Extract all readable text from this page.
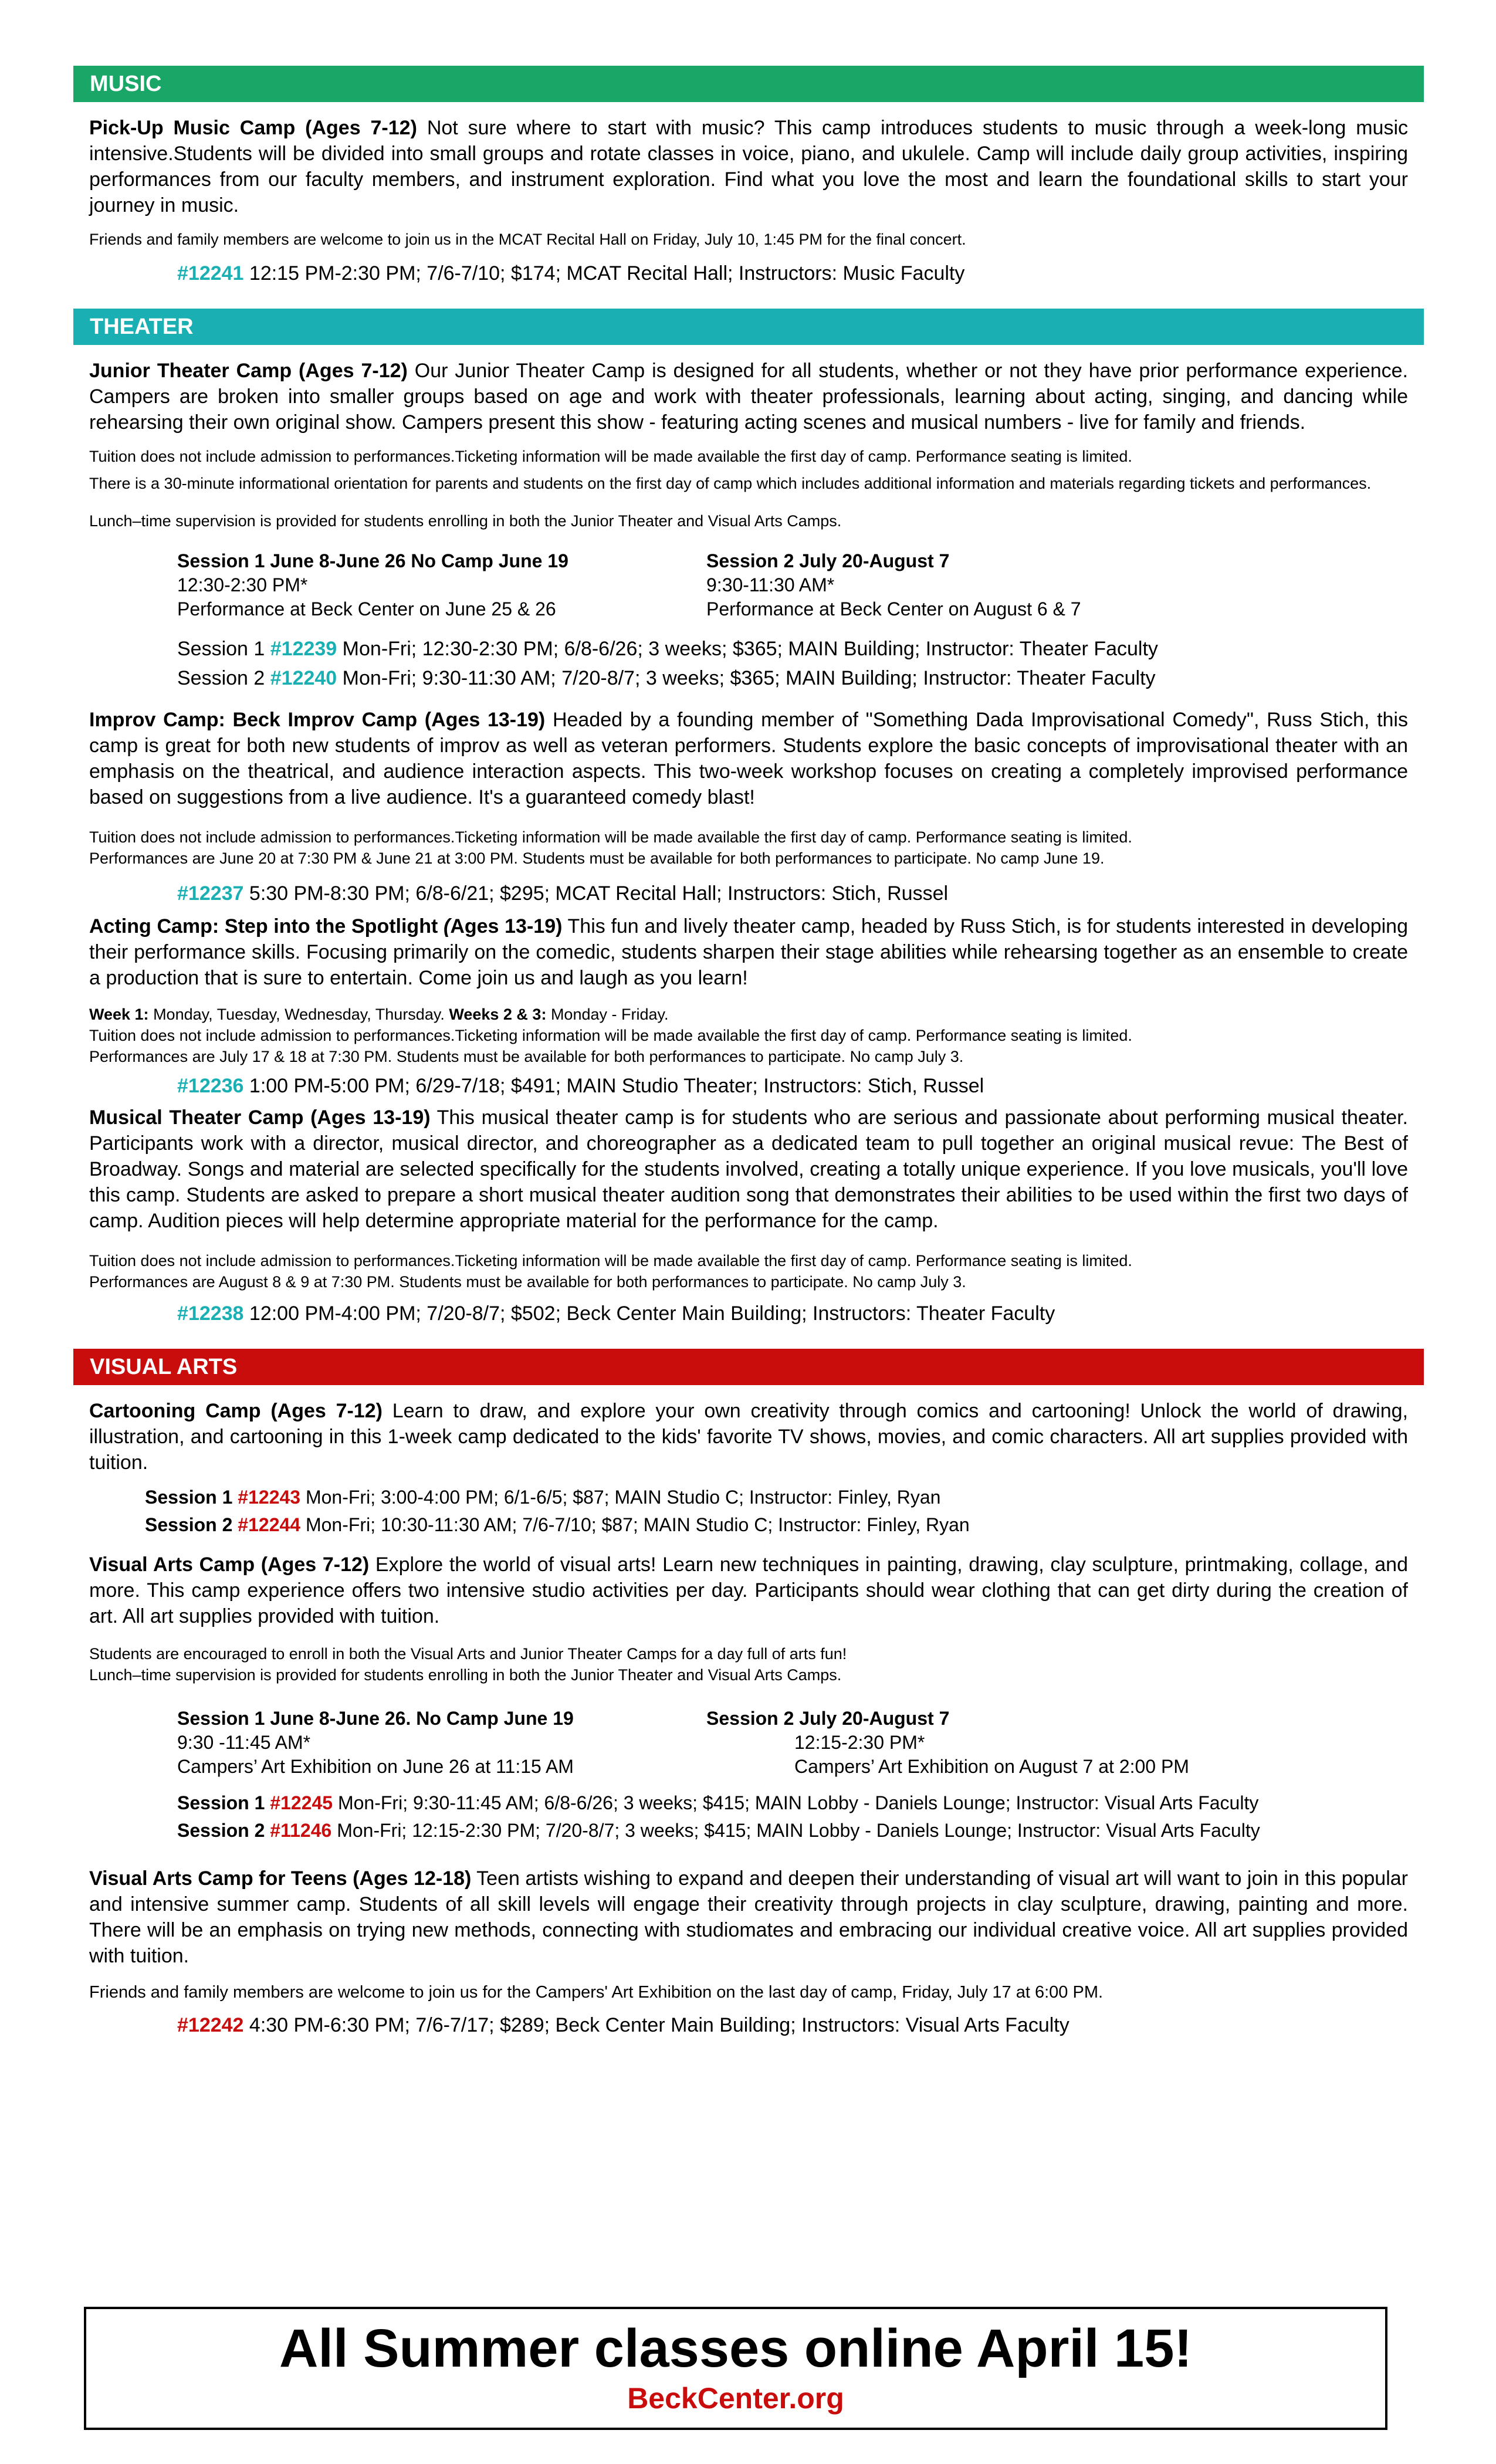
MUSIC

Pick-Up Music Camp (Ages 7-12) Not sure where to start with music? This camp introduces students to music through a week-long music intensive.Students will be divided into small groups and rotate classes in voice, piano, and ukulele. Camp will include daily group activities, inspiring performances from our faculty members, and instrument exploration. Find what you love the most and learn the foundational skills to start your journey in music.

Friends and family members are welcome to join us in the MCAT Recital Hall on Friday, July 10, 1:45 PM for the final concert.

#12241 12:15 PM-2:30 PM; 7/6-7/10; $174; MCAT Recital Hall; Instructors: Music Faculty

THEATER

Junior Theater Camp (Ages 7-12) Our Junior Theater Camp is designed for all students, whether or not they have prior performance experience. Campers are broken into smaller groups based on age and work with theater professionals, learning about acting, singing, and dancing while rehearsing their own original show. Campers present this show - featuring acting scenes and musical numbers - live for family and friends.

Tuition does not include admission to performances.Ticketing information will be made available the first day of camp. Performance seating is limited.

There is a 30-minute informational orientation for parents and students on the first day of camp which includes additional information and materials regarding tickets and performances.

Lunch–time supervision is provided for students enrolling in both the Junior Theater and Visual Arts Camps.

Session 1 June 8-June 26 No Camp June 19
12:30-2:30 PM*
Performance at Beck Center on June 25 & 26
Session 2 July 20-August 7
9:30-11:30 AM*
Performance at Beck Center on August 6 & 7
Session 1 #12239 Mon-Fri; 12:30-2:30 PM; 6/8-6/26; 3 weeks; $365; MAIN Building; Instructor: Theater Faculty
Session 2 #12240 Mon-Fri; 9:30-11:30 AM; 7/20-8/7; 3 weeks; $365; MAIN Building; Instructor: Theater Faculty

Improv Camp: Beck Improv Camp (Ages 13-19) Headed by a founding member of "Something Dada Improvisational Comedy", Russ Stich, this camp is great for both new students of improv as well as veteran performers. Students explore the basic concepts of improvisational theater with an emphasis on the theatrical, and audience interaction aspects. This two-week workshop focuses on creating a completely improvised performance based on suggestions from a live audience. It's a guaranteed comedy blast!

Tuition does not include admission to performances.Ticketing information will be made available the first day of camp. Performance seating is limited.

Performances are June 20 at 7:30 PM & June 21 at 3:00 PM. Students must be available for both performances to participate. No camp June 19.

#12237 5:30 PM-8:30 PM; 6/8-6/21; $295; MCAT Recital Hall; Instructors: Stich, Russel

Acting Camp: Step into the Spotlight (Ages 13-19) This fun and lively theater camp, headed by Russ Stich, is for students interested in developing their performance skills. Focusing primarily on the comedic, students sharpen their stage abilities while rehearsing together as an ensemble to create a production that is sure to entertain. Come join us and laugh as you learn!

Week 1: Monday, Tuesday, Wednesday, Thursday. Weeks 2 & 3: Monday - Friday.

Tuition does not include admission to performances.Ticketing information will be made available the first day of camp. Performance seating is limited.

Performances are July 17 & 18 at 7:30 PM. Students must be available for both performances to participate. No camp July 3.

#12236 1:00 PM-5:00 PM; 6/29-7/18; $491; MAIN Studio Theater; Instructors: Stich, Russel

Musical Theater Camp (Ages 13-19) This musical theater camp is for students who are serious and passionate about performing musical theater. Participants work with a director, musical director, and choreographer as a dedicated team to pull together an original musical revue: The Best of Broadway. Songs and material are selected specifically for the students involved, creating a totally unique experience. If you love musicals, you'll love this camp. Students are asked to prepare a short musical theater audition song that demonstrates their abilities to be used within the first two days of camp. Audition pieces will help determine appropriate material for the performance for the camp.

Tuition does not include admission to performances.Ticketing information will be made available the first day of camp. Performance seating is limited.

Performances are August 8 & 9 at 7:30 PM. Students must be available for both performances to participate. No camp July 3.

#12238 12:00 PM-4:00 PM; 7/20-8/7; $502; Beck Center Main Building; Instructors: Theater Faculty

VISUAL ARTS

Cartooning Camp (Ages 7-12) Learn to draw, and explore your own creativity through comics and cartooning! Unlock the world of drawing, illustration, and cartooning in this 1-week camp dedicated to the kids' favorite TV shows, movies, and comic characters. All art supplies provided with tuition.

Session 1 #12243 Mon-Fri; 3:00-4:00 PM; 6/1-6/5; $87; MAIN Studio C; Instructor: Finley, Ryan
Session 2 #12244 Mon-Fri; 10:30-11:30 AM; 7/6-7/10; $87; MAIN Studio C; Instructor: Finley, Ryan

Visual Arts Camp (Ages 7-12) Explore the world of visual arts! Learn new techniques in painting, drawing, clay sculpture, printmaking, collage, and more. This camp experience offers two intensive studio activities per day. Participants should wear clothing that can get dirty during the creation of art. All art supplies provided with tuition.

Students are encouraged to enroll in both the Visual Arts and Junior Theater Camps for a day full of arts fun!

Lunch–time supervision is provided for students enrolling in both the Junior Theater and Visual Arts Camps.

Session 1 June 8-June 26. No Camp June 19
9:30 -11:45 AM*
Campers’ Art Exhibition on June 26 at 11:15 AM
Session 2 July 20-August 7
12:15-2:30 PM*
Campers’ Art Exhibition on August 7 at 2:00 PM
Session 1 #12245 Mon-Fri; 9:30-11:45 AM; 6/8-6/26; 3 weeks; $415; MAIN Lobby - Daniels Lounge; Instructor: Visual Arts Faculty
Session 2 #11246 Mon-Fri; 12:15-2:30 PM; 7/20-8/7; 3 weeks; $415; MAIN Lobby - Daniels Lounge; Instructor: Visual Arts Faculty

Visual Arts Camp for Teens (Ages 12-18) Teen artists wishing to expand and deepen their understanding of visual art will want to join in this popular and intensive summer camp. Students of all skill levels will engage their creativity through projects in clay sculpture, drawing, painting and more. There will be an emphasis on trying new methods, connecting with studiomates and embracing our individual creative voice. All art supplies provided with tuition.

Friends and family members are welcome to join us for the Campers' Art Exhibition on the last day of camp, Friday, July 17 at 6:00 PM.

#12242 4:30 PM-6:30 PM; 7/6-7/17; $289; Beck Center Main Building; Instructors: Visual Arts Faculty

All Summer classes online April 15!
BeckCenter.org
